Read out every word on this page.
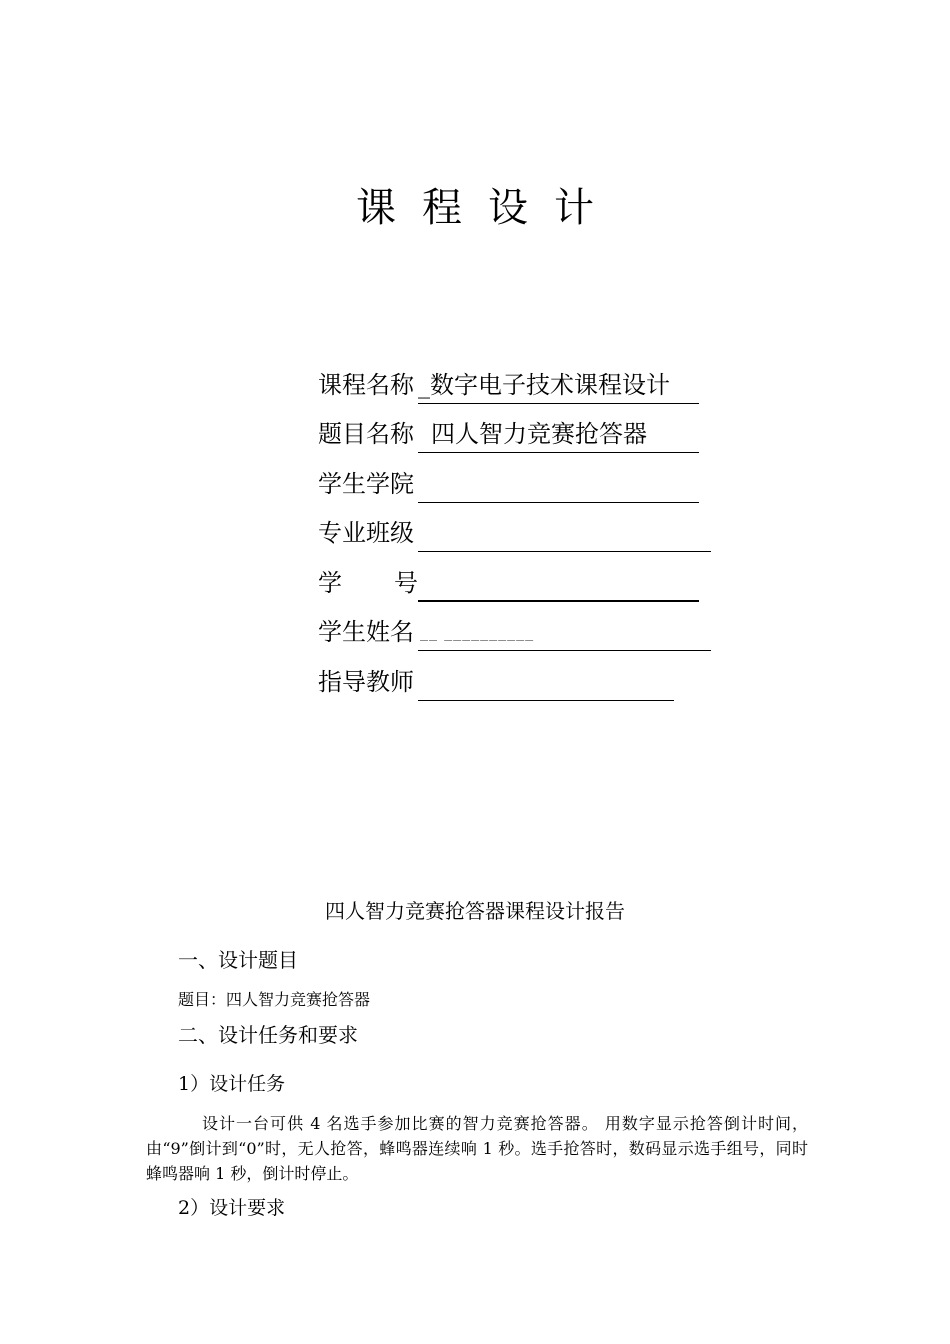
课程设计
课程名称 _数字电子技术课程设计
题目名称 四人智力竞赛抢答器
学生学院
专业班级
学 号
学生姓名 __ __________
指导教师
四人智力竞赛抢答器课程设计报告
一、设计题目
题目：四人智力竞赛抢答器
二、设计任务和要求
1）设计任务
设计一台可供 4 名选手参加比赛的智力竞赛抢答器。 用数字显示抢答倒计时间，由“9”倒计到“0”时，无人抢答，蜂鸣器连续响 1 秒。选手抢答时，数码显示选手组号，同时蜂鸣器响 1 秒，倒计时停止。
2）设计要求
